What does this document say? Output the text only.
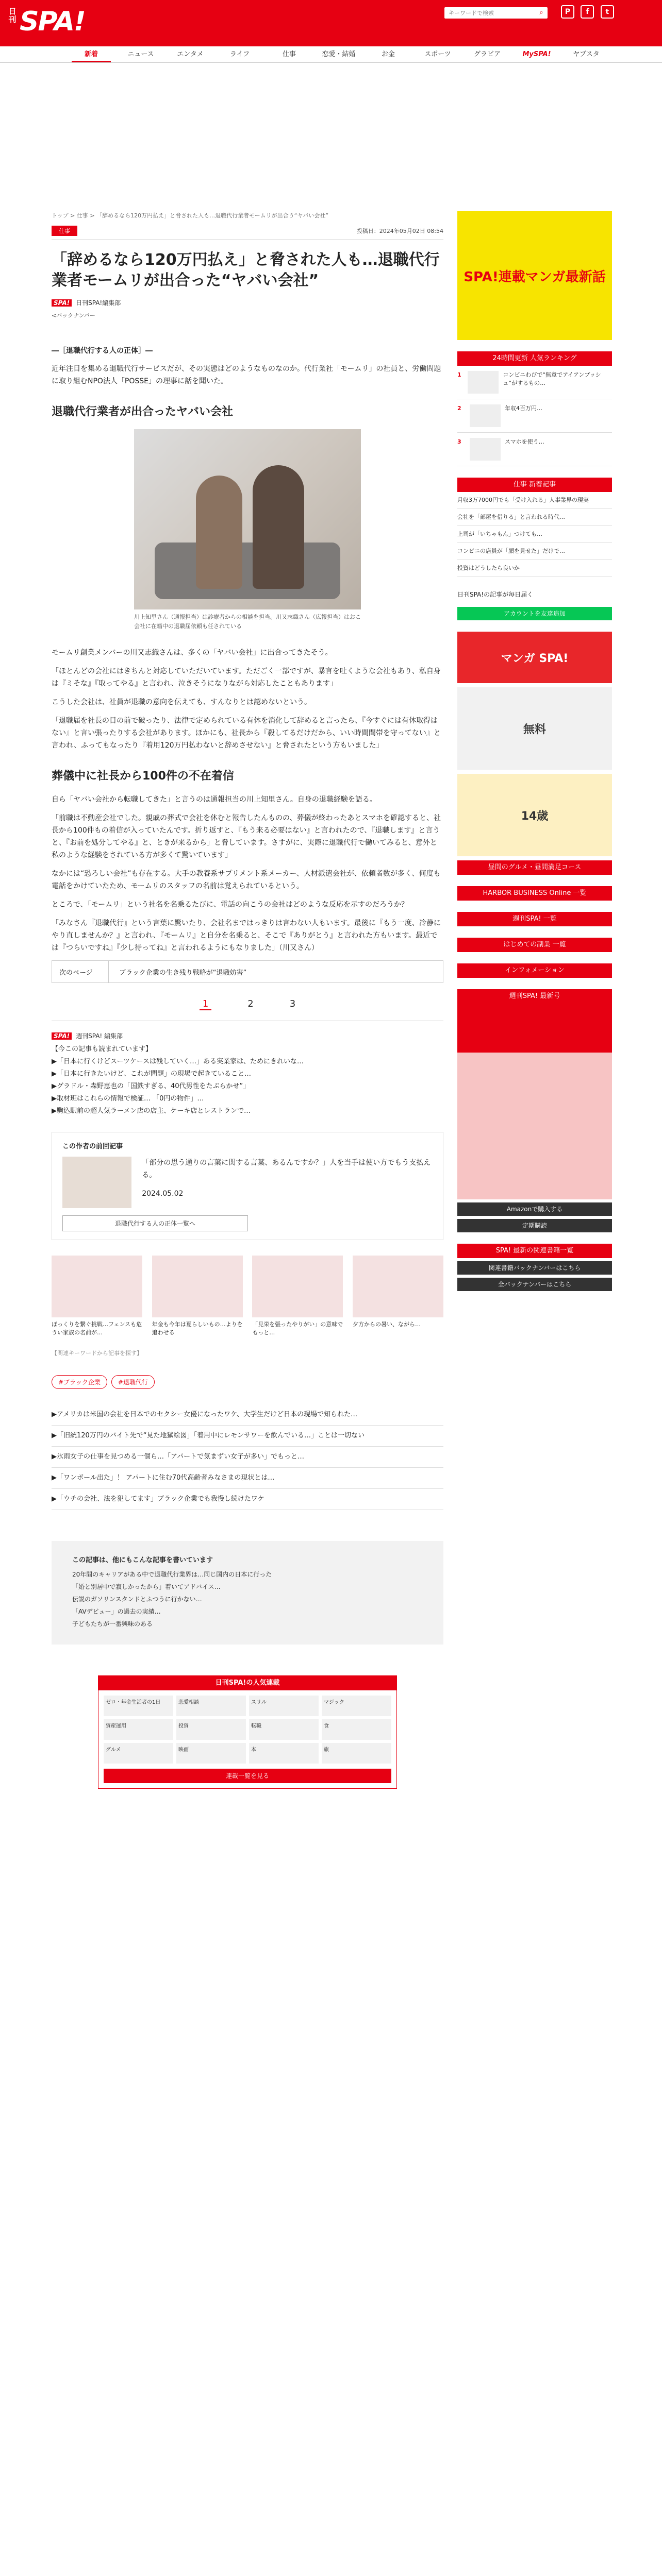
日刊 SPA!
キーワードで検索	⌕	P f t
新着	ニュース	エンタメ	ライフ	仕事	恋愛・結婚	お金	スポーツ	グラビア	MySPA!	ヤブスタ
トップ > 仕事 > 「辞めるなら120万円払え」と脅された人も…退職代行業者モームリが出合う“ヤバい会社”
仕事	投稿日：2024年05月02日 08:54
「辞めるなら120万円払え」と脅された人も…退職代行業者モームリが出合った“ヤバい会社”
SPA!	日刊SPA!編集部
<バックナンバー
―［退職代行する人の正体］―

近年注目を集める退職代行サービスだが、その実態はどのようなものなのか。代行業社「モームリ」の社員と、労働問題に取り組むNPO法人「POSSE」の理事に話を聞いた。

退職代行業者が出合ったヤバい会社
川上知里さん（通報担当）は診療者からの相談を担当。川又志織さん（広報担当）はおこ会社に在籍中の退職届依頼も任されている

モームリ創業メンバーの川又志織さんは、多くの「ヤバい会社」に出合ってきたそう。

「ほとんどの会社にはきちんと対応していただいています。ただごく一部ですが、暴言を吐くような会社もあり、私自身は『ミそな』『取ってやる』と言われ、泣きそうになりながら対応したこともあります」

こうした会社は、社員が退職の意向を伝えても、すんなりとは認めないという。

「退職届を社長の目の前で破ったり、法律で定められている有休を消化して辞めると言ったら、『今すぐには有休取得はない』と言い張ったりする会社があります。ほかにも、社長から『殺してるだけだから、いい時間間帯を守ってない』と言われ、ふってもなったり『着用120万円払わないと辞めさせない』と脅されたという方もいました」

葬儀中に社長から100件の不在着信

自ら「ヤバい会社から転職してきた」と言うのは通報担当の川上知里さん。自身の退職経験を語る。

「前職は不動産会社でした。親戚の葬式で会社を休むと報告したんものの、葬儀が終わったあとスマホを確認すると、社長から100件もの着信が入っていたんです。折り返すと、『もう来る必要はない』と言われたので、『退職します』と言うと、『お前を処分してやる』と、ときが来るから」と脅しています。さすがに、実際に退職代行で働いてみると、意外と私のような経験をされている方が多くて驚いています」

なかには“恐ろしい会社”も存在する。大手の教養系サプリメント系メーカー、人材派遣会社が、依頼者数が多く、何度も電話をかけていたため、モームリのスタッフの名前は覚えられているという。

ところで、「モームリ」という社名を名乗るたびに、電話の向こうの会社はどのような反応を示すのだろうか？

「みなさん『退職代行』という言葉に驚いたり、会社名まではっきりは言わない人もいます。最後に『もう一度、冷静にやり直しませんか？』と言われ、『モームリ』と自分を名乗ると、そこで『ありがとう』と言われた方もいます。最近では『つらいですね』『少し待ってね』と言われるようにもなりました」（川又さん）

次のページ	ブラック企業の生き残り戦略が“退職妨害”
1	2	3
SPA!	週刊SPA! 編集部

【今この記事も読まれています】

▶「日本に行くけどスーツケースは残していく…」ある実業家は、ためにきれいな…

▶「日本に行きたいけど、これが問題」の現場で起きていること…

▶グラドル・森野恵也の「国鉄すぎる、40代男性をたぶらかせ”」

▶取材班はこれらの情報で検証… 「0円の物件」…

▶駒込駅前の超人気ラーメン店の店主、ケーキ店とレストランで…

この作者の前回記事

「部分の思う通りの言葉に関する言葉、あるんですか？」人を当手は使い方でもう支払える。

2024.05.02

退職代行する人の正体一覧へ
ぼっくりを繋ぐ挑戦…フェンスも危うい家族の名前が…
年金も今年は夏らしいもの…よりを追わせる
「見栄を張ったやりがい」の意味でもっと…
夕方からの暑い、ながら…

【関連キーワードから記事を探す】

#ブラック企業	#退職代行

▶アメリカは米国の会社を日本でのセクシー女優になったワケ、大学生だけど日本の現場で知られた…

▶「旧統120万円のバイト先で“見た地獄絵図」「着用中にレモンサワーを飲んでいる…」ことは一切ない

▶氷雨女子の仕事を見つめる一個ら…「アパートで気まずい女子が多い」でもっと…

▶「ワンボール出た」！ アパートに住む70代高齢者みなさまの現状とは…

▶「ウチの会社、法を犯してます」ブラック企業でも我慢し続けたワケ

この記事は、他にもこんな記事を書いています
20年間のキャリアがある中で退職代行業界は…同じ国内の日本に行った
「婚と別居中で寂しかったから」着いてアドバイス…
伝説のガソリンスタンドとふつうに行かない…
「AVデビュー」の過去の実績…
子どもたちが一番興味のある
日刊SPA!の人気連載
ゼロ・年金生活者の1日	恋愛相談	スリル	マジック
資産運用	投資	転職	食
グルメ	映画	本	旅
連載一覧を見る
SPA!連載マンガ最新話
24時間更新 人気ランキング
1	コンビニわびで“無意でアイアンプッシュ”がするもの…
2	年収4百万円…
3	スマホを使う…
仕事 新着記事
月収3万7000円でも「受け入れる」人事業界の現実
会社を「部屋を借りる」と言われる時代…
上司が「いちゃもん」つけても…
コンビニの店員が「顔を見せた」だけで…
投資はどうしたら良いか

日刊SPA!の記事が毎日届く

アカウントを友達追加
マンガ SPA!
無料
14歳
昼間のグルメ・昼間満足コース
HARBOR BUSINESS Online 一覧
週刊SPA! 一覧
はじめての副業 一覧
インフォメーション
週刊SPA! 最新号
Amazonで購入する
定期購読
SPA! 最新の関連書籍一覧
関連書籍バックナンバーはこちら
全バックナンバーはこちら
